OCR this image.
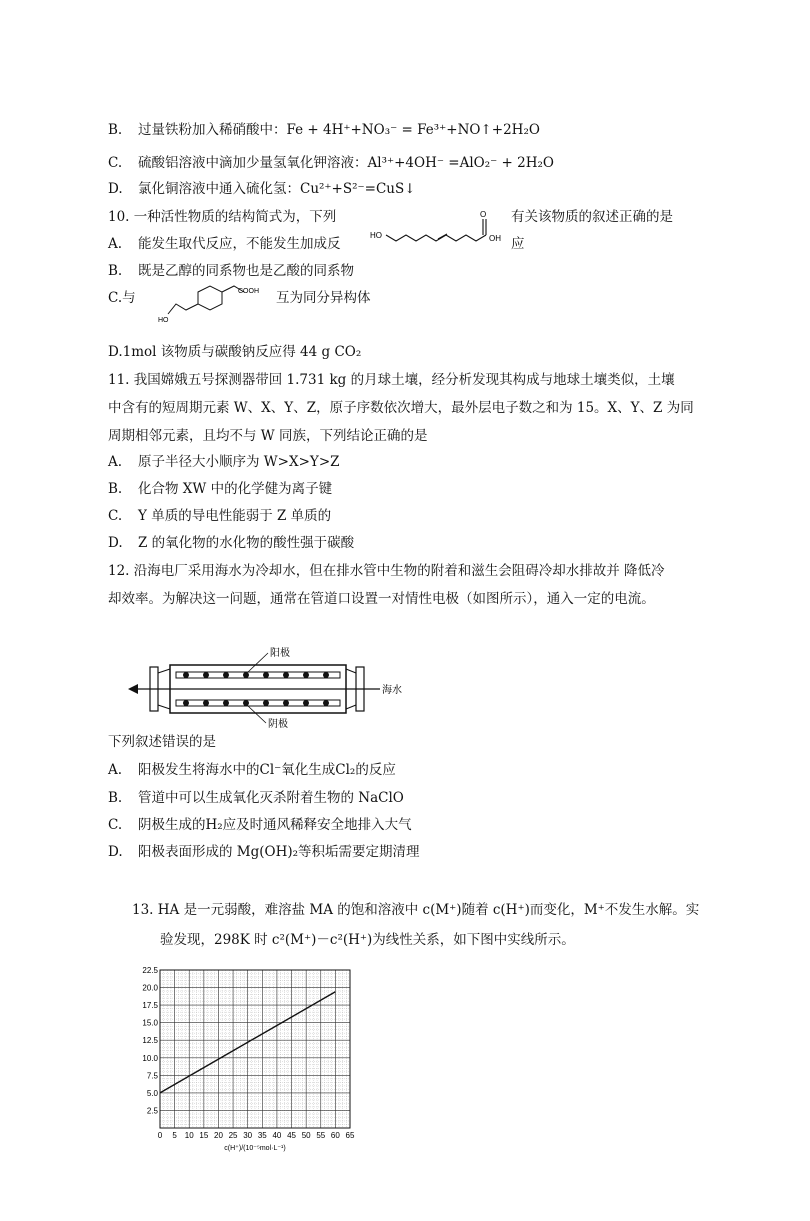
B. 过量铁粉加入稀硝酸中：Fe + 4H⁺+NO₃⁻ = Fe³⁺+NO↑+2H₂O
C. 硫酸铝溶液中滴加少量氢氧化钾溶液：Al³⁺+4OH⁻ =AlO₂⁻ + 2H₂O
D. 氯化铜溶液中通入硫化氢：Cu²⁺+S²⁻=CuS↓
10. 一种活性物质的结构简式为，下列	有关该物质的叙述正确的是
HO
O
OH
A. 能发生取代反应，不能发生加成反	应
B. 既是乙醇的同系物也是乙酸的同系物
C.与	COOH
HO
互为同分异构体
D.1mol 该物质与碳酸钠反应得 44 g CO₂
11. 我国嫦娥五号探测器带回 1.731 kg 的月球土壤，经分析发现其构成与地球土壤类似，土壤
中含有的短周期元素 W、X、Y、Z，原子序数依次增大，最外层电子数之和为 15。X、Y、Z 为同
周期相邻元素，且均不与 W 同族，下列结论正确的是
A. 原子半径大小顺序为 W>X>Y>Z
B. 化合物 XW 中的化学健为离子键
C. Y 单质的导电性能弱于 Z 单质的
D. Z 的氧化物的水化物的酸性强于碳酸
12. 沿海电厂采用海水为冷却水，但在排水管中生物的附着和滋生会阻碍冷却水排故并 降低冷
却效率。为解决这一问题，通常在管道口设置一对情性电极（如图所示），通入一定的电流。
阳极
阴极
海水
下列叙述错误的是
A. 阳极发生将海水中的Cl⁻氧化生成Cl₂的反应
B. 管道中可以生成氧化灭杀附着生物的 NaClO
C. 阴极生成的H₂应及时通风稀释安全地排入大气
D. 阳极表面形成的 Mg(OH)₂等积垢需要定期清理
13. HA 是一元弱酸，难溶盐 MA 的饱和溶液中 c(M⁺)随着 c(H⁺)而变化，M⁺不发生水解。实
验发现，298K 时 c²(M⁺)－c²(H⁺)为线性关系，如下图中实线所示。
2.5
5.0
7.5
10.0
12.5
15.0
17.5
20.0
22.5
0 5 10 15 20 25 30 35 40 45 50 55 60 65
c(H⁺)/(10⁻⁵mol·L⁻¹)
